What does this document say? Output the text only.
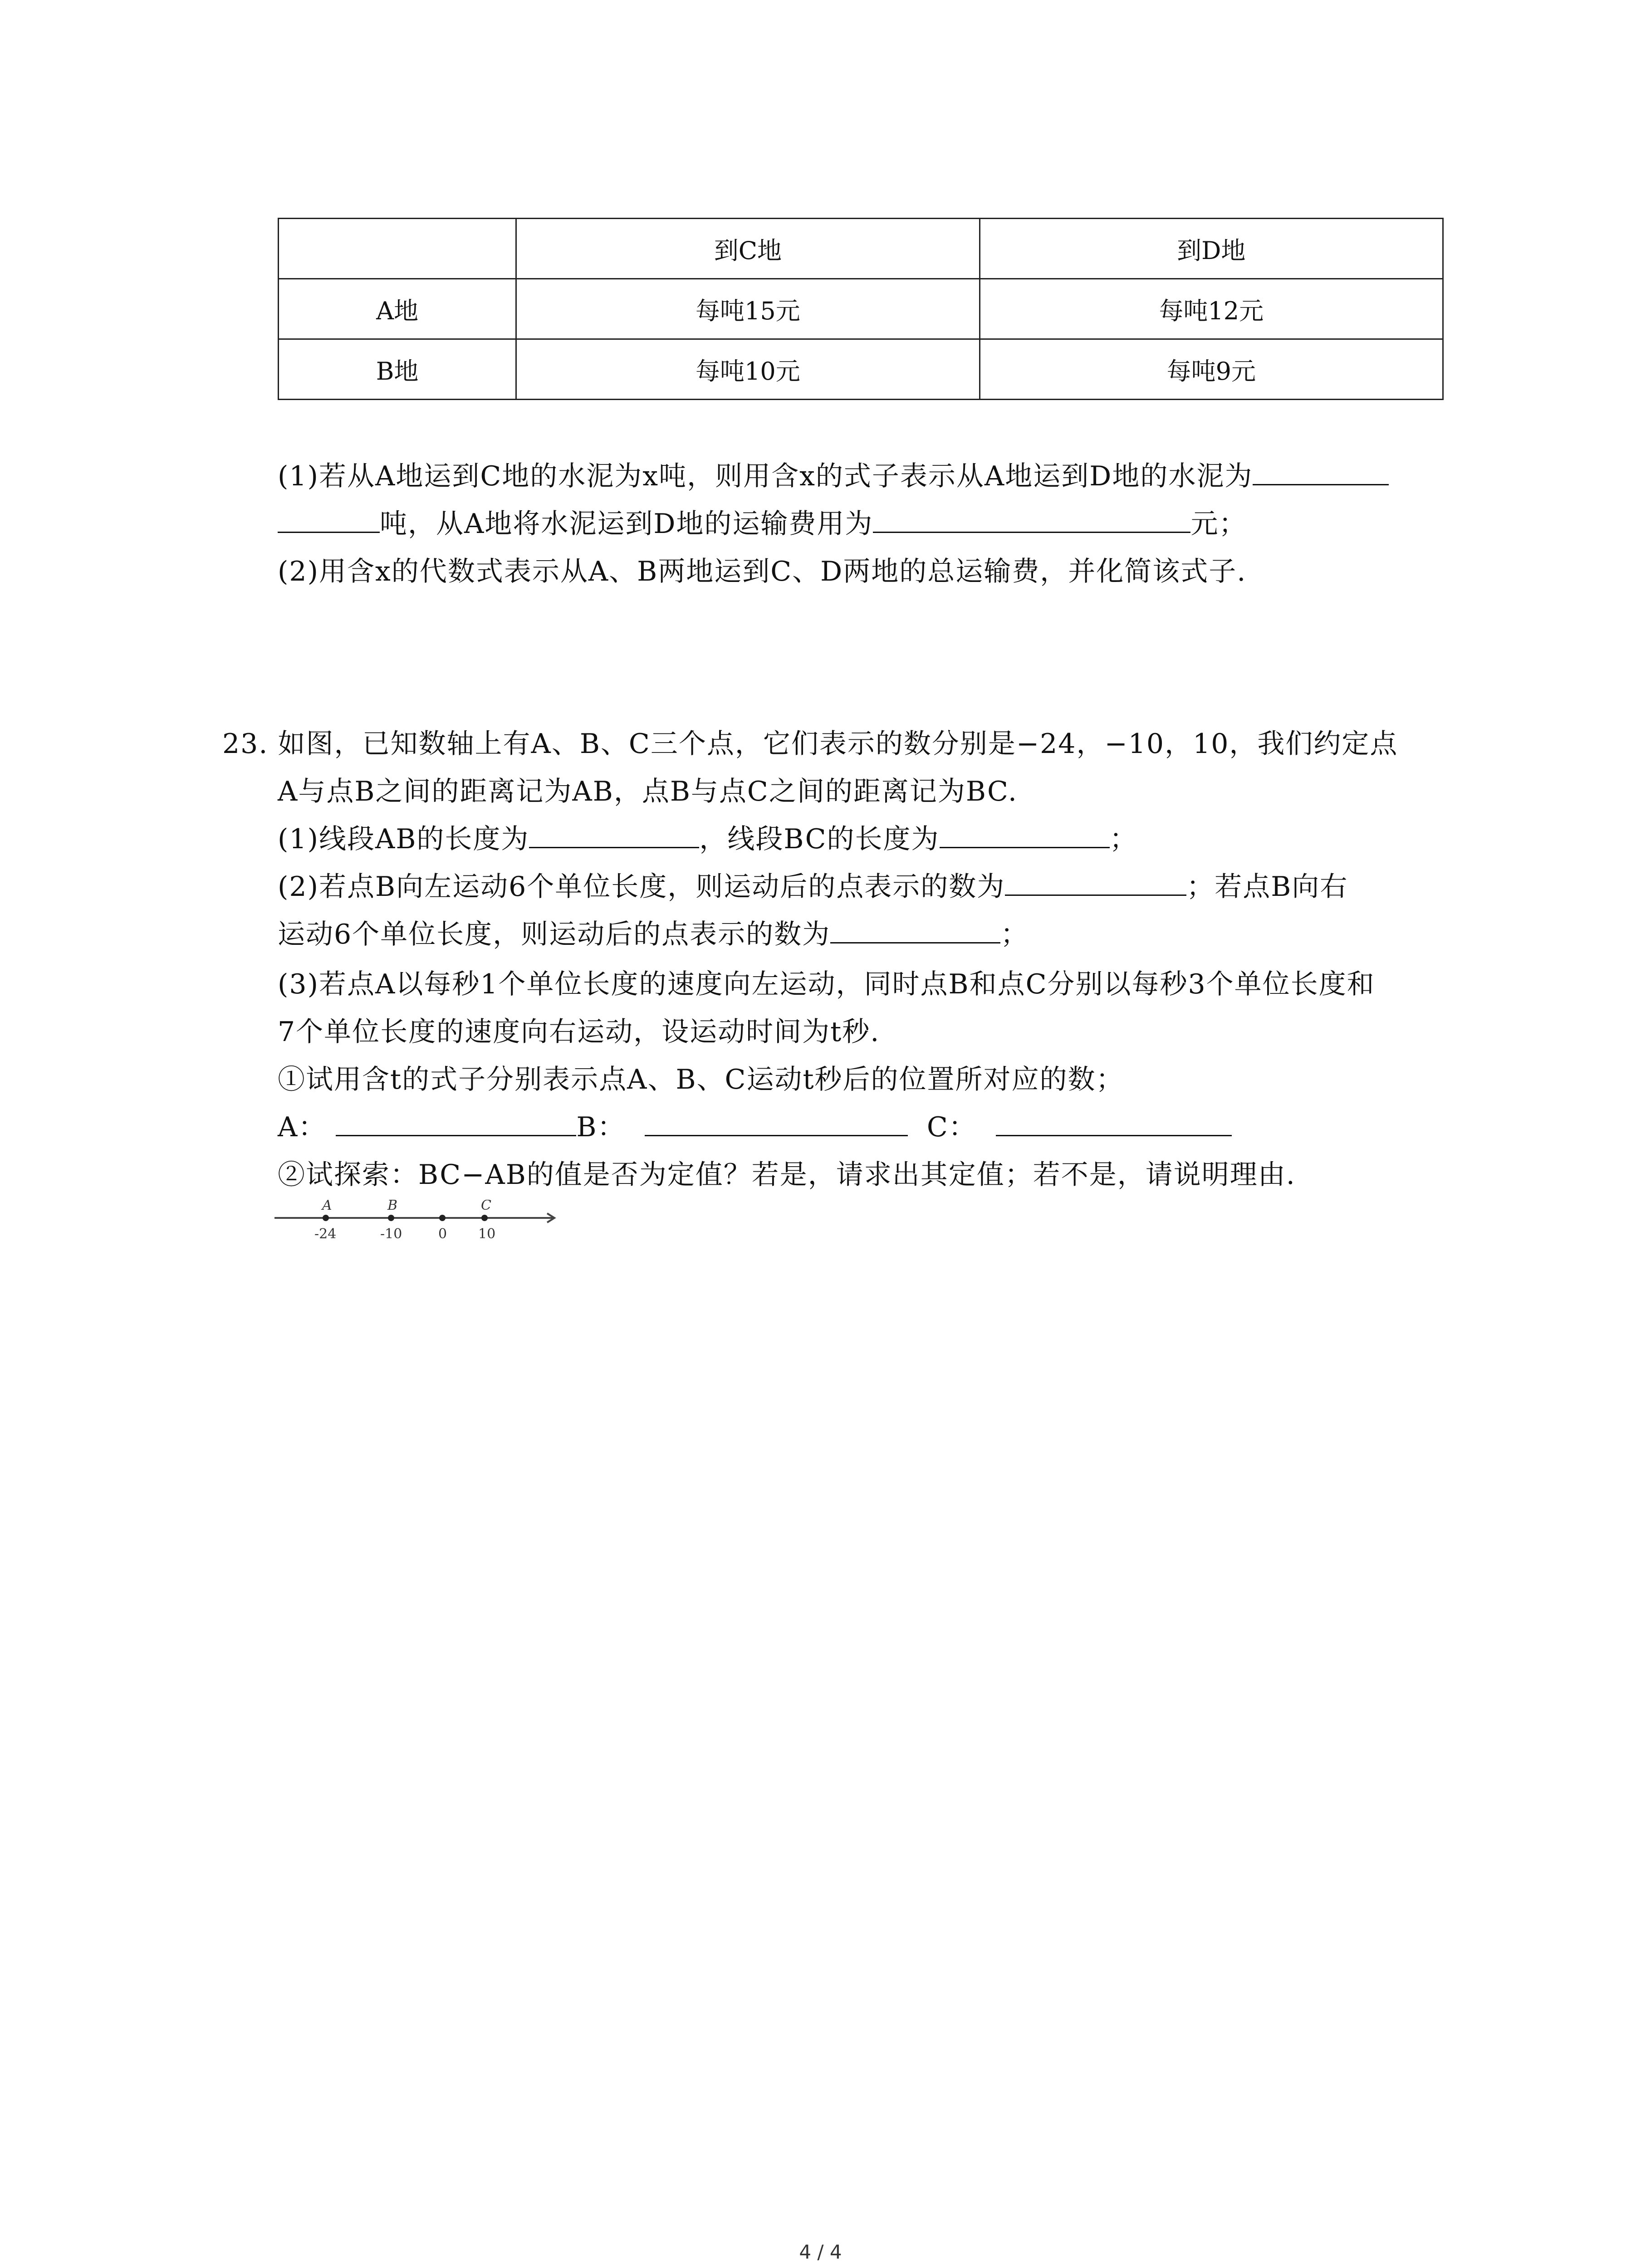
	到C地	到D地
A地	每吨15元	每吨12元
B地	每吨10元	每吨9元
(1)若从A地运到C地的水泥为x吨，则用含x的式子表示从A地运到D地的水泥为
吨，从A地将水泥运到D地的运输费用为	元；
(2)用含x的代数式表示从A、B两地运到C、D两地的总运输费，并化简该式子.
23. 如图，已知数轴上有A、B、C三个点，它们表示的数分别是−24，−10，10，我们约定点
A与点B之间的距离记为AB，点B与点C之间的距离记为BC.
(1)线段AB的长度为	，线段BC的长度为	；
(2)若点B向左运动6个单位长度，则运动后的点表示的数为	；若点B向右
运动6个单位长度，则运动后的点表示的数为	；
(3)若点A以每秒1个单位长度的速度向左运动，同时点B和点C分别以每秒3个单位长度和
7个单位长度的速度向右运动，设运动时间为t秒.
①试用含t的式子分别表示点A、B、C运动t秒后的位置所对应的数；
A：	B：	C：
②试探索：BC−AB的值是否为定值？若是，请求出其定值；若不是，请说明理由.
A
-24
B
-10	0
C
10
4 / 4
